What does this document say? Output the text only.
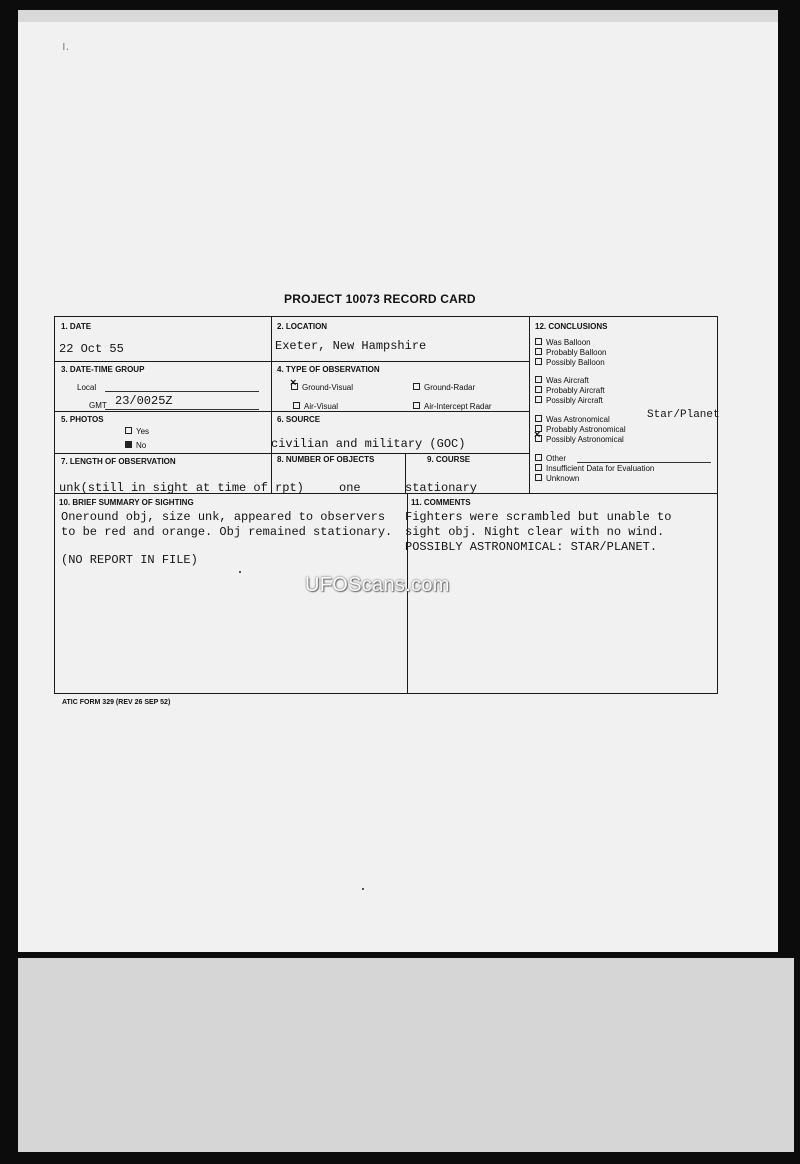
ı.
PROJECT 10073 RECORD CARD
1. DATE
22 Oct 55
2. LOCATION
Exeter, New Hampshire
3. DATE-TIME GROUP
Local
GMT 23/0025Z
4. TYPE OF OBSERVATION
×Ground-Visual	Ground-Radar
Air-Visual	Air-Intercept Radar
5. PHOTOS
Yes
No
6. SOURCE
civilian and military (GOC)
7. LENGTH OF OBSERVATION
unk(still in sight at time of rpt)
8. NUMBER OF OBJECTS
one
9. COURSE
stationary
10. BRIEF SUMMARY OF SIGHTING
Oneround obj, size unk, appeared to observers
to be red and orange. Obj remained stationary.
(NO REPORT IN FILE)
11. COMMENTS
Fighters were scrambled but unable to
sight obj. Night clear with no wind.
POSSIBLY ASTRONOMICAL: STAR/PLANET.
12. CONCLUSIONS
Was Balloon
Probably Balloon
Possibly Balloon
Was Aircraft
Probably Aircraft
Possibly Aircraft
Was Astronomical	Star/Planet
Probably Astronomical
×Possibly Astronomical
Other
Insufficient Data for Evaluation
Unknown
UFOScans.com
ATIC FORM 329 (REV 26 SEP 52)
